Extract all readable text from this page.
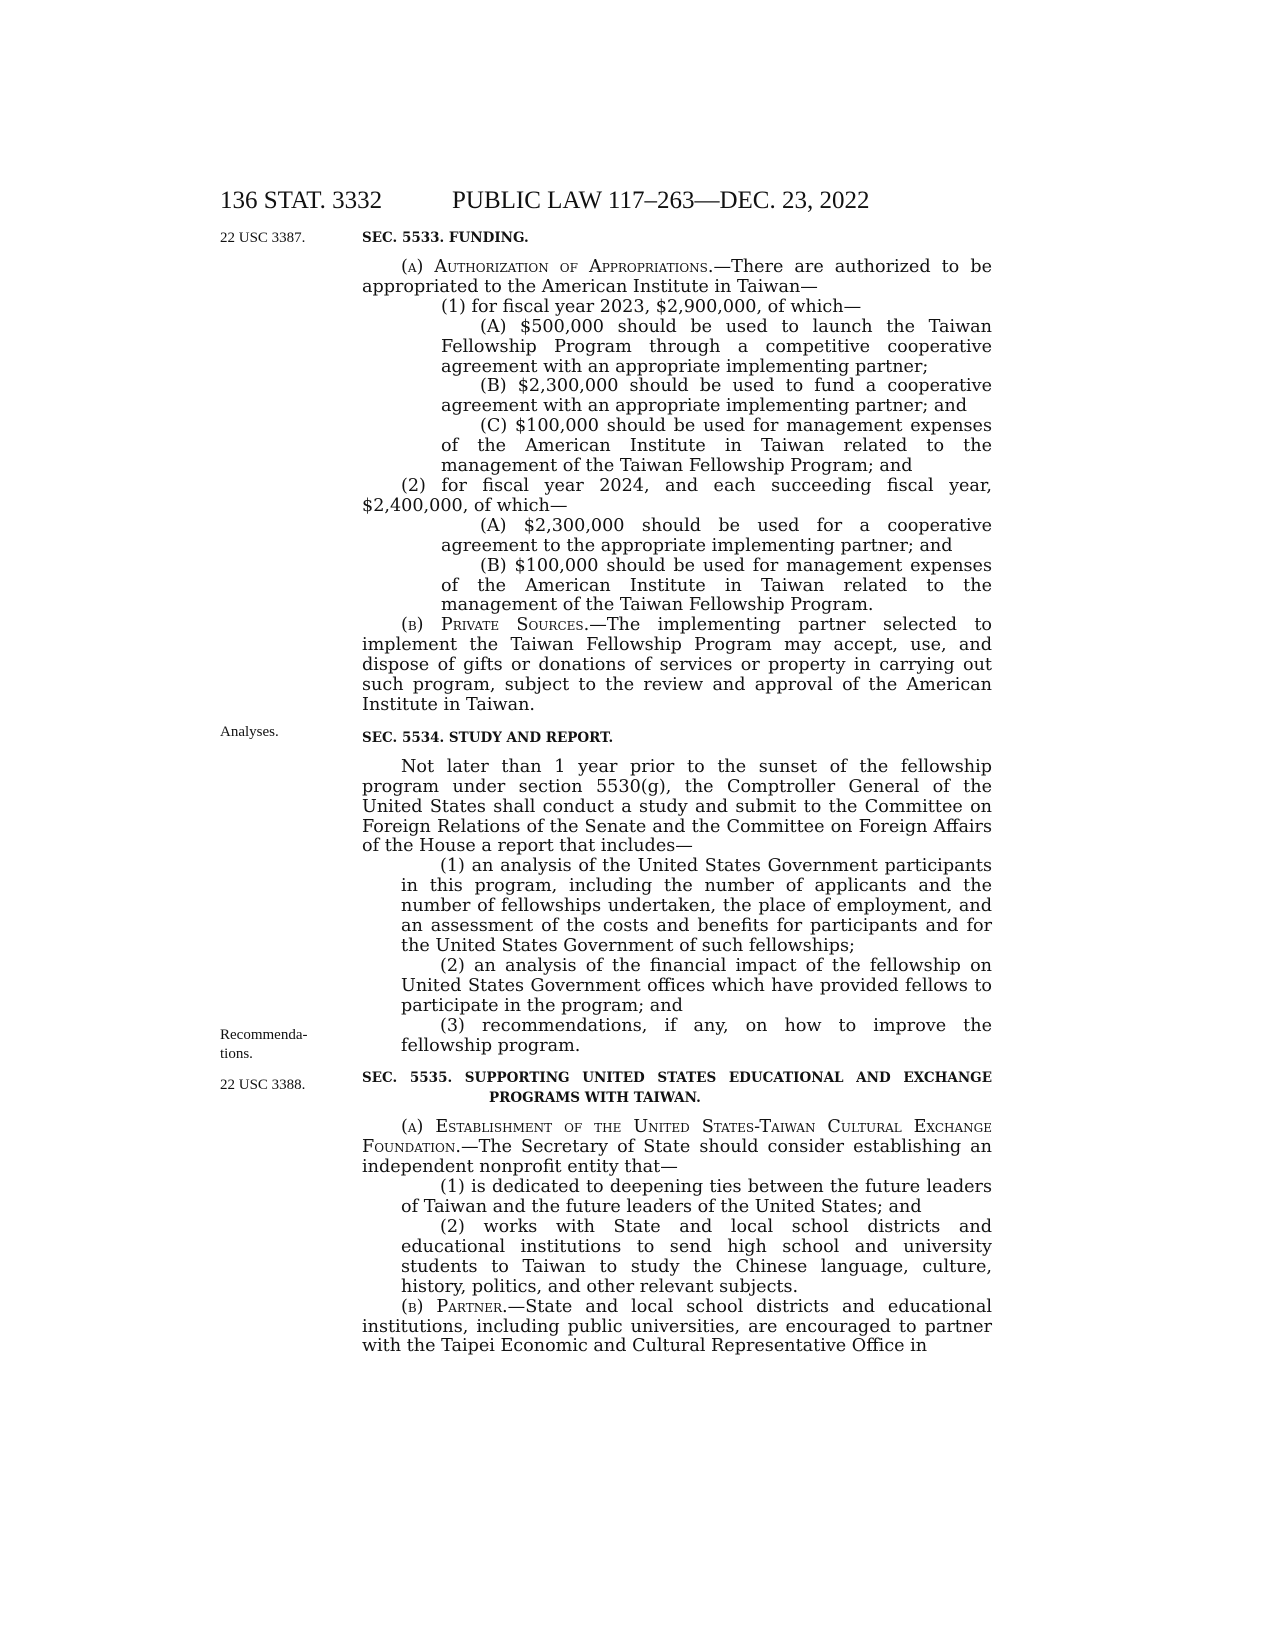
136 STAT. 3332	PUBLIC LAW 117–263—DEC. 23, 2022
22 USC 3387.
Analyses.
Recommenda-
tions.
22 USC 3388.

SEC. 5533. FUNDING.

(a) Authorization of Appropriations.—There are authorized to be appropriated to the American Institute in Taiwan—

(1) for fiscal year 2023, $2,900,000, of which—

(A) $500,000 should be used to launch the Taiwan Fellowship Program through a competitive cooperative agreement with an appropriate implementing partner;

(B) $2,300,000 should be used to fund a cooperative agreement with an appropriate implementing partner; and

(C) $100,000 should be used for management expenses of the American Institute in Taiwan related to the management of the Taiwan Fellowship Program; and

(2) for fiscal year 2024, and each succeeding fiscal year, $2,400,000, of which—

(A) $2,300,000 should be used for a cooperative agreement to the appropriate implementing partner; and

(B) $100,000 should be used for management expenses of the American Institute in Taiwan related to the management of the Taiwan Fellowship Program.

(b) Private Sources.—The implementing partner selected to implement the Taiwan Fellowship Program may accept, use, and dispose of gifts or donations of services or property in carrying out such program, subject to the review and approval of the American Institute in Taiwan.

SEC. 5534. STUDY AND REPORT.

Not later than 1 year prior to the sunset of the fellowship program under section 5530(g), the Comptroller General of the United States shall conduct a study and submit to the Committee on Foreign Relations of the Senate and the Committee on Foreign Affairs of the House a report that includes—

(1) an analysis of the United States Government participants in this program, including the number of applicants and the number of fellowships undertaken, the place of employment, and an assessment of the costs and benefits for participants and for the United States Government of such fellowships;

(2) an analysis of the financial impact of the fellowship on United States Government offices which have provided fellows to participate in the program; and

(3) recommendations, if any, on how to improve the fellowship program.

SEC. 5535. SUPPORTING UNITED STATES EDUCATIONAL AND EXCHANGE PROGRAMS WITH TAIWAN.

(a) Establishment of the United States-Taiwan Cultural Exchange Foundation.—The Secretary of State should consider establishing an independent nonprofit entity that—

(1) is dedicated to deepening ties between the future leaders of Taiwan and the future leaders of the United States; and

(2) works with State and local school districts and educational institutions to send high school and university students to Taiwan to study the Chinese language, culture, history, politics, and other relevant subjects.

(b) Partner.—State and local school districts and educational institutions, including public universities, are encouraged to partner with the Taipei Economic and Cultural Representative Office in
